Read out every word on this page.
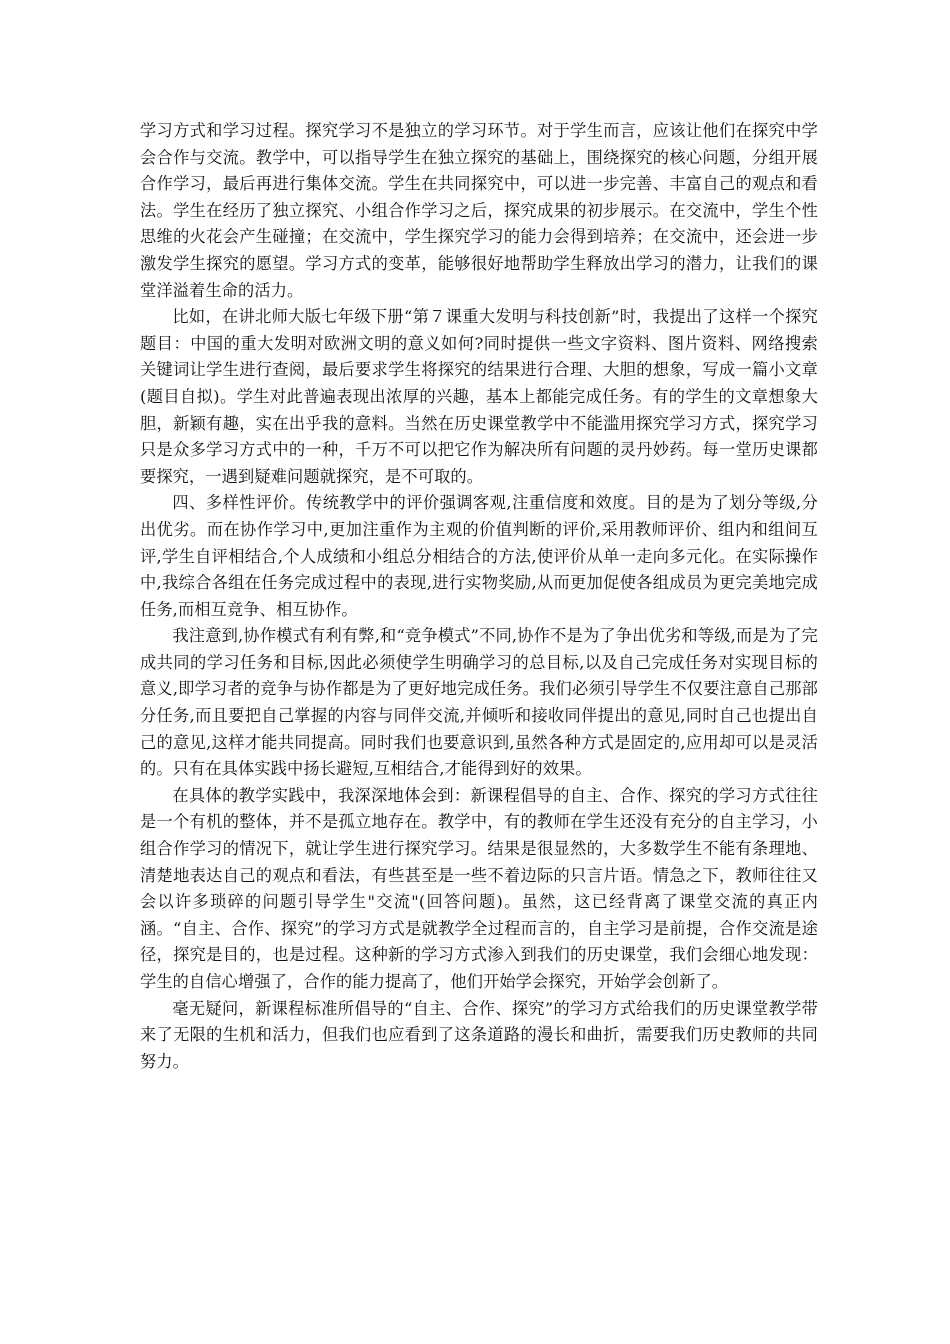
学习方式和学习过程。探究学习不是独立的学习环节。对于学生而言，应该让他们在探究中学会合作与交流。教学中，可以指导学生在独立探究的基础上，围绕探究的核心问题，分组开展合作学习，最后再进行集体交流。学生在共同探究中，可以进一步完善、丰富自己的观点和看法。学生在经历了独立探究、小组合作学习之后，探究成果的初步展示。在交流中，学生个性思维的火花会产生碰撞；在交流中，学生探究学习的能力会得到培养；在交流中，还会进一步激发学生探究的愿望。学习方式的变革，能够很好地帮助学生释放出学习的潜力，让我们的课堂洋溢着生命的活力。

比如，在讲北师大版七年级下册“第７课重大发明与科技创新”时，我提出了这样一个探究题目：中国的重大发明对欧洲文明的意义如何?同时提供一些文字资料、图片资料、网络搜索关键词让学生进行查阅，最后要求学生将探究的结果进行合理、大胆的想象，写成一篇小文章(题目自拟)。学生对此普遍表现出浓厚的兴趣，基本上都能完成任务。有的学生的文章想象大胆，新颖有趣，实在出乎我的意料。当然在历史课堂教学中不能滥用探究学习方式，探究学习只是众多学习方式中的一种，千万不可以把它作为解决所有问题的灵丹妙药。每一堂历史课都要探究，一遇到疑难问题就探究，是不可取的。

四、多样性评价。传统教学中的评价强调客观,注重信度和效度。目的是为了划分等级,分出优劣。而在协作学习中,更加注重作为主观的价值判断的评价,采用教师评价、组内和组间互评,学生自评相结合,个人成绩和小组总分相结合的方法,使评价从单一走向多元化。在实际操作中,我综合各组在任务完成过程中的表现,进行实物奖励,从而更加促使各组成员为更完美地完成任务,而相互竞争、相互协作。

我注意到,协作模式有利有弊,和“竞争模式”不同,协作不是为了争出优劣和等级,而是为了完成共同的学习任务和目标,因此必须使学生明确学习的总目标,以及自己完成任务对实现目标的意义,即学习者的竞争与协作都是为了更好地完成任务。我们必须引导学生不仅要注意自己那部分任务,而且要把自己掌握的内容与同伴交流,并倾听和接收同伴提出的意见,同时自己也提出自己的意见,这样才能共同提高。同时我们也要意识到,虽然各种方式是固定的,应用却可以是灵活的。只有在具体实践中扬长避短,互相结合,才能得到好的效果。

在具体的教学实践中，我深深地体会到：新课程倡导的自主、合作、探究的学习方式往往是一个有机的整体，并不是孤立地存在。教学中，有的教师在学生还没有充分的自主学习，小组合作学习的情况下，就让学生进行探究学习。结果是很显然的，大多数学生不能有条理地、清楚地表达自己的观点和看法，有些甚至是一些不着边际的只言片语。情急之下，教师往往又会以许多琐碎的问题引导学生"交流"(回答问题)。虽然，这已经背离了课堂交流的真正内涵。“自主、合作、探究”的学习方式是就教学全过程而言的，自主学习是前提，合作交流是途径，探究是目的，也是过程。这种新的学习方式渗入到我们的历史课堂，我们会细心地发现：学生的自信心增强了，合作的能力提高了，他们开始学会探究，开始学会创新了。

毫无疑问，新课程标准所倡导的“自主、合作、探究”的学习方式给我们的历史课堂教学带来了无限的生机和活力，但我们也应看到了这条道路的漫长和曲折，需要我们历史教师的共同努力。
